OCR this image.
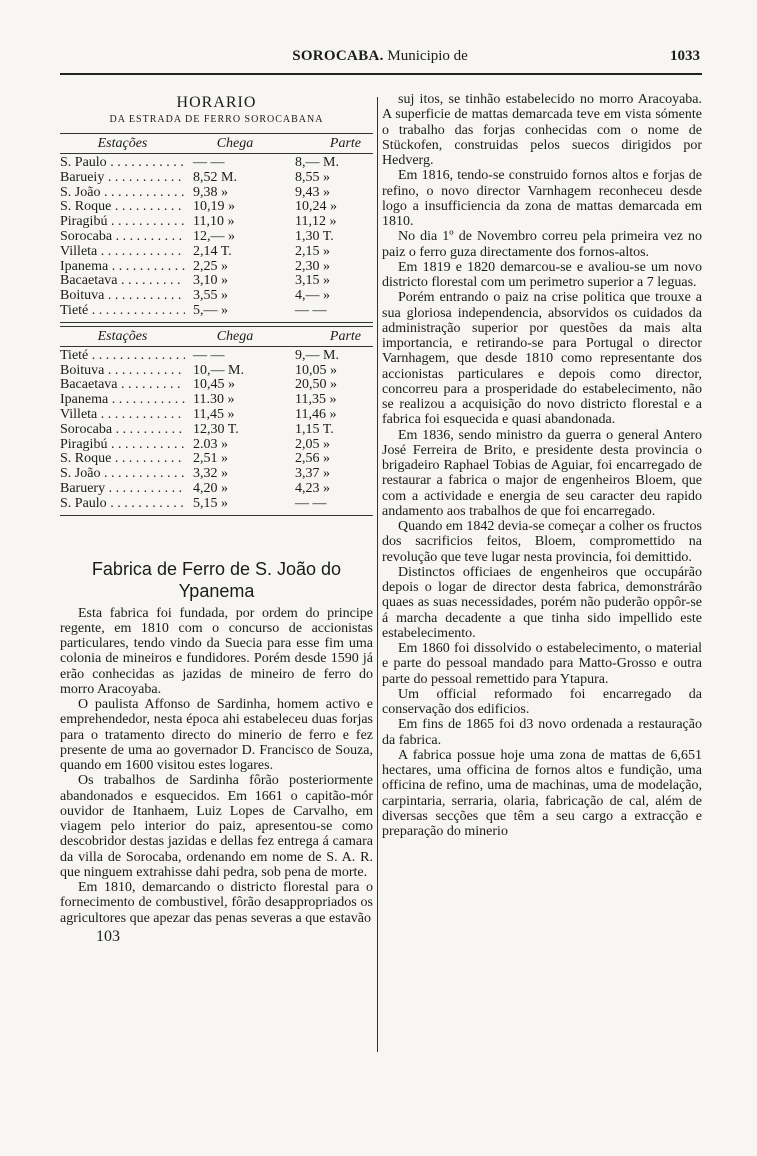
SOROCABA. Municipio de	1033
HORARIO
DA ESTRADA DE FERRO SOROCABANA
Estações	Chega	Parte
S. Paulo . . .	— —	8,— M.
Barueiy . . .	8,52 M.	8,55 »
S. João . . .	9,38 »	9,43 »
S. Roque . . .	10,19 »	10,24 »
Piragibú . . .	11,10 »	11,12 »
Sorocaba . . .	12,— »	1,30 T.
Villeta . . .	2,14 T.	2,15 »
Ipanema . . .	2,25 »	2,30 »
Bacaetava . . .	3,10 »	3,15 »
Boituva . . .	3,55 »	4,— »
Tieté . . .	5,— »	— —
Estações	Chega	Parte
Tieté . . .	— —	9,— M.
Boituva . . .	10,— M.	10,05 »
Bacaetava . . .	10,45 »	20,50 »
Ipanema . . .	11.30 »	11,35 »
Villeta . . .	11,45 »	11,46 »
Sorocaba . . .	12,30 T.	1,15 T.
Piragibú . . .	2.03 »	2,05 »
S. Roque . . .	2,51 »	2,56 »
S. João . . .	3,32 »	3,37 »
Baruery . . .	4,20 »	4,23 »
S. Paulo . . .	5,15 »	— —
Fabrica de Ferro de S. João do Ypanema

Esta fabrica foi fundada, por ordem do principe regente, em 1810 com o concurso de accionistas particulares, tendo vindo da Suecia para esse fim uma colonia de mineiros e fundidores. Porém desde 1590 já erão conhecidas as jazidas de mineiro de ferro do morro Aracoyaba.

O paulista Affonso de Sardinha, homem activo e emprehendedor, nesta época ahi estabeleceu duas forjas para o tratamento directo do minerio de ferro e fez presente de uma ao governador D. Francisco de Souza, quando em 1600 visitou estes logares.

Os trabalhos de Sardinha fôrão posteriormente abandonados e esquecidos. Em 1661 o capitão-mór ouvidor de Itanhaem, Luiz Lopes de Carvalho, em viagem pelo interior do paiz, apresentou-se como descobridor destas jazidas e dellas fez entrega á camara da villa de Sorocaba, ordenando em nome de S. A. R. que ninguem extrahisse dahi pedra, sob pena de morte.

Em 1810, demarcando o districto florestal para o fornecimento de combustivel, fôrão desappropriados os agricultores que apezar das penas severas a que estavão

103

suj itos, se tinhão estabelecido no morro Aracoyaba. A superficie de mattas demarcada teve em vista sómente o trabalho das forjas conhecidas com o nome de Stückofen, construidas pelos suecos dirigidos por Hedverg.

Em 1816, tendo-se construido fornos altos e forjas de refino, o novo director Varnhagem reconheceu desde logo a insufficiencia da zona de mattas demarcada em 1810.

No dia 1º de Novembro correu pela primeira vez no paiz o ferro guza directamente dos fornos-altos.

Em 1819 e 1820 demarcou-se e avaliou-se um novo districto florestal com um perimetro superior a 7 leguas.

Porém entrando o paiz na crise politica que trouxe a sua gloriosa independencia, absorvidos os cuidados da administração superior por questões da mais alta importancia, e retirando-se para Portugal o director Varnhagem, que desde 1810 como representante dos accionistas particulares e depois como director, concorreu para a prosperidade do estabelecimento, não se realizou a acquisição do novo districto florestal e a fabrica foi esquecida e quasi abandonada.

Em 1836, sendo ministro da guerra o general Antero José Ferreira de Brito, e presidente desta provincia o brigadeiro Raphael Tobias de Aguiar, foi encarregado de restaurar a fabrica o major de engenheiros Bloem, que com a actividade e energia de seu caracter deu rapido andamento aos trabalhos de que foi encarregado.

Quando em 1842 devia-se começar a colher os fructos dos sacrificios feitos, Bloem, compromettido na revolução que teve lugar nesta provincia, foi demittido.

Distinctos officiaes de engenheiros que occupárão depois o logar de director desta fabrica, demonstrárão quaes as suas necessidades, porém não puderão oppôr-se á marcha decadente a que tinha sido impellido este estabelecimento.

Em 1860 foi dissolvido o estabelecimento, o material e parte do pessoal mandado para Matto-Grosso e outra parte do pessoal remettido para Ytapura.

Um official reformado foi encarregado da conservação dos edificios.

Em fins de 1865 foi d3 novo ordenada a restauração da fabrica.

A fabrica possue hoje uma zona de mattas de 6,651 hectares, uma officina de fornos altos e fundição, uma officina de refino, uma de machinas, uma de modelação, carpintaria, serraria, olaria, fabricação de cal, além de diversas secções que têm a seu cargo a extracção e preparação do minerio
